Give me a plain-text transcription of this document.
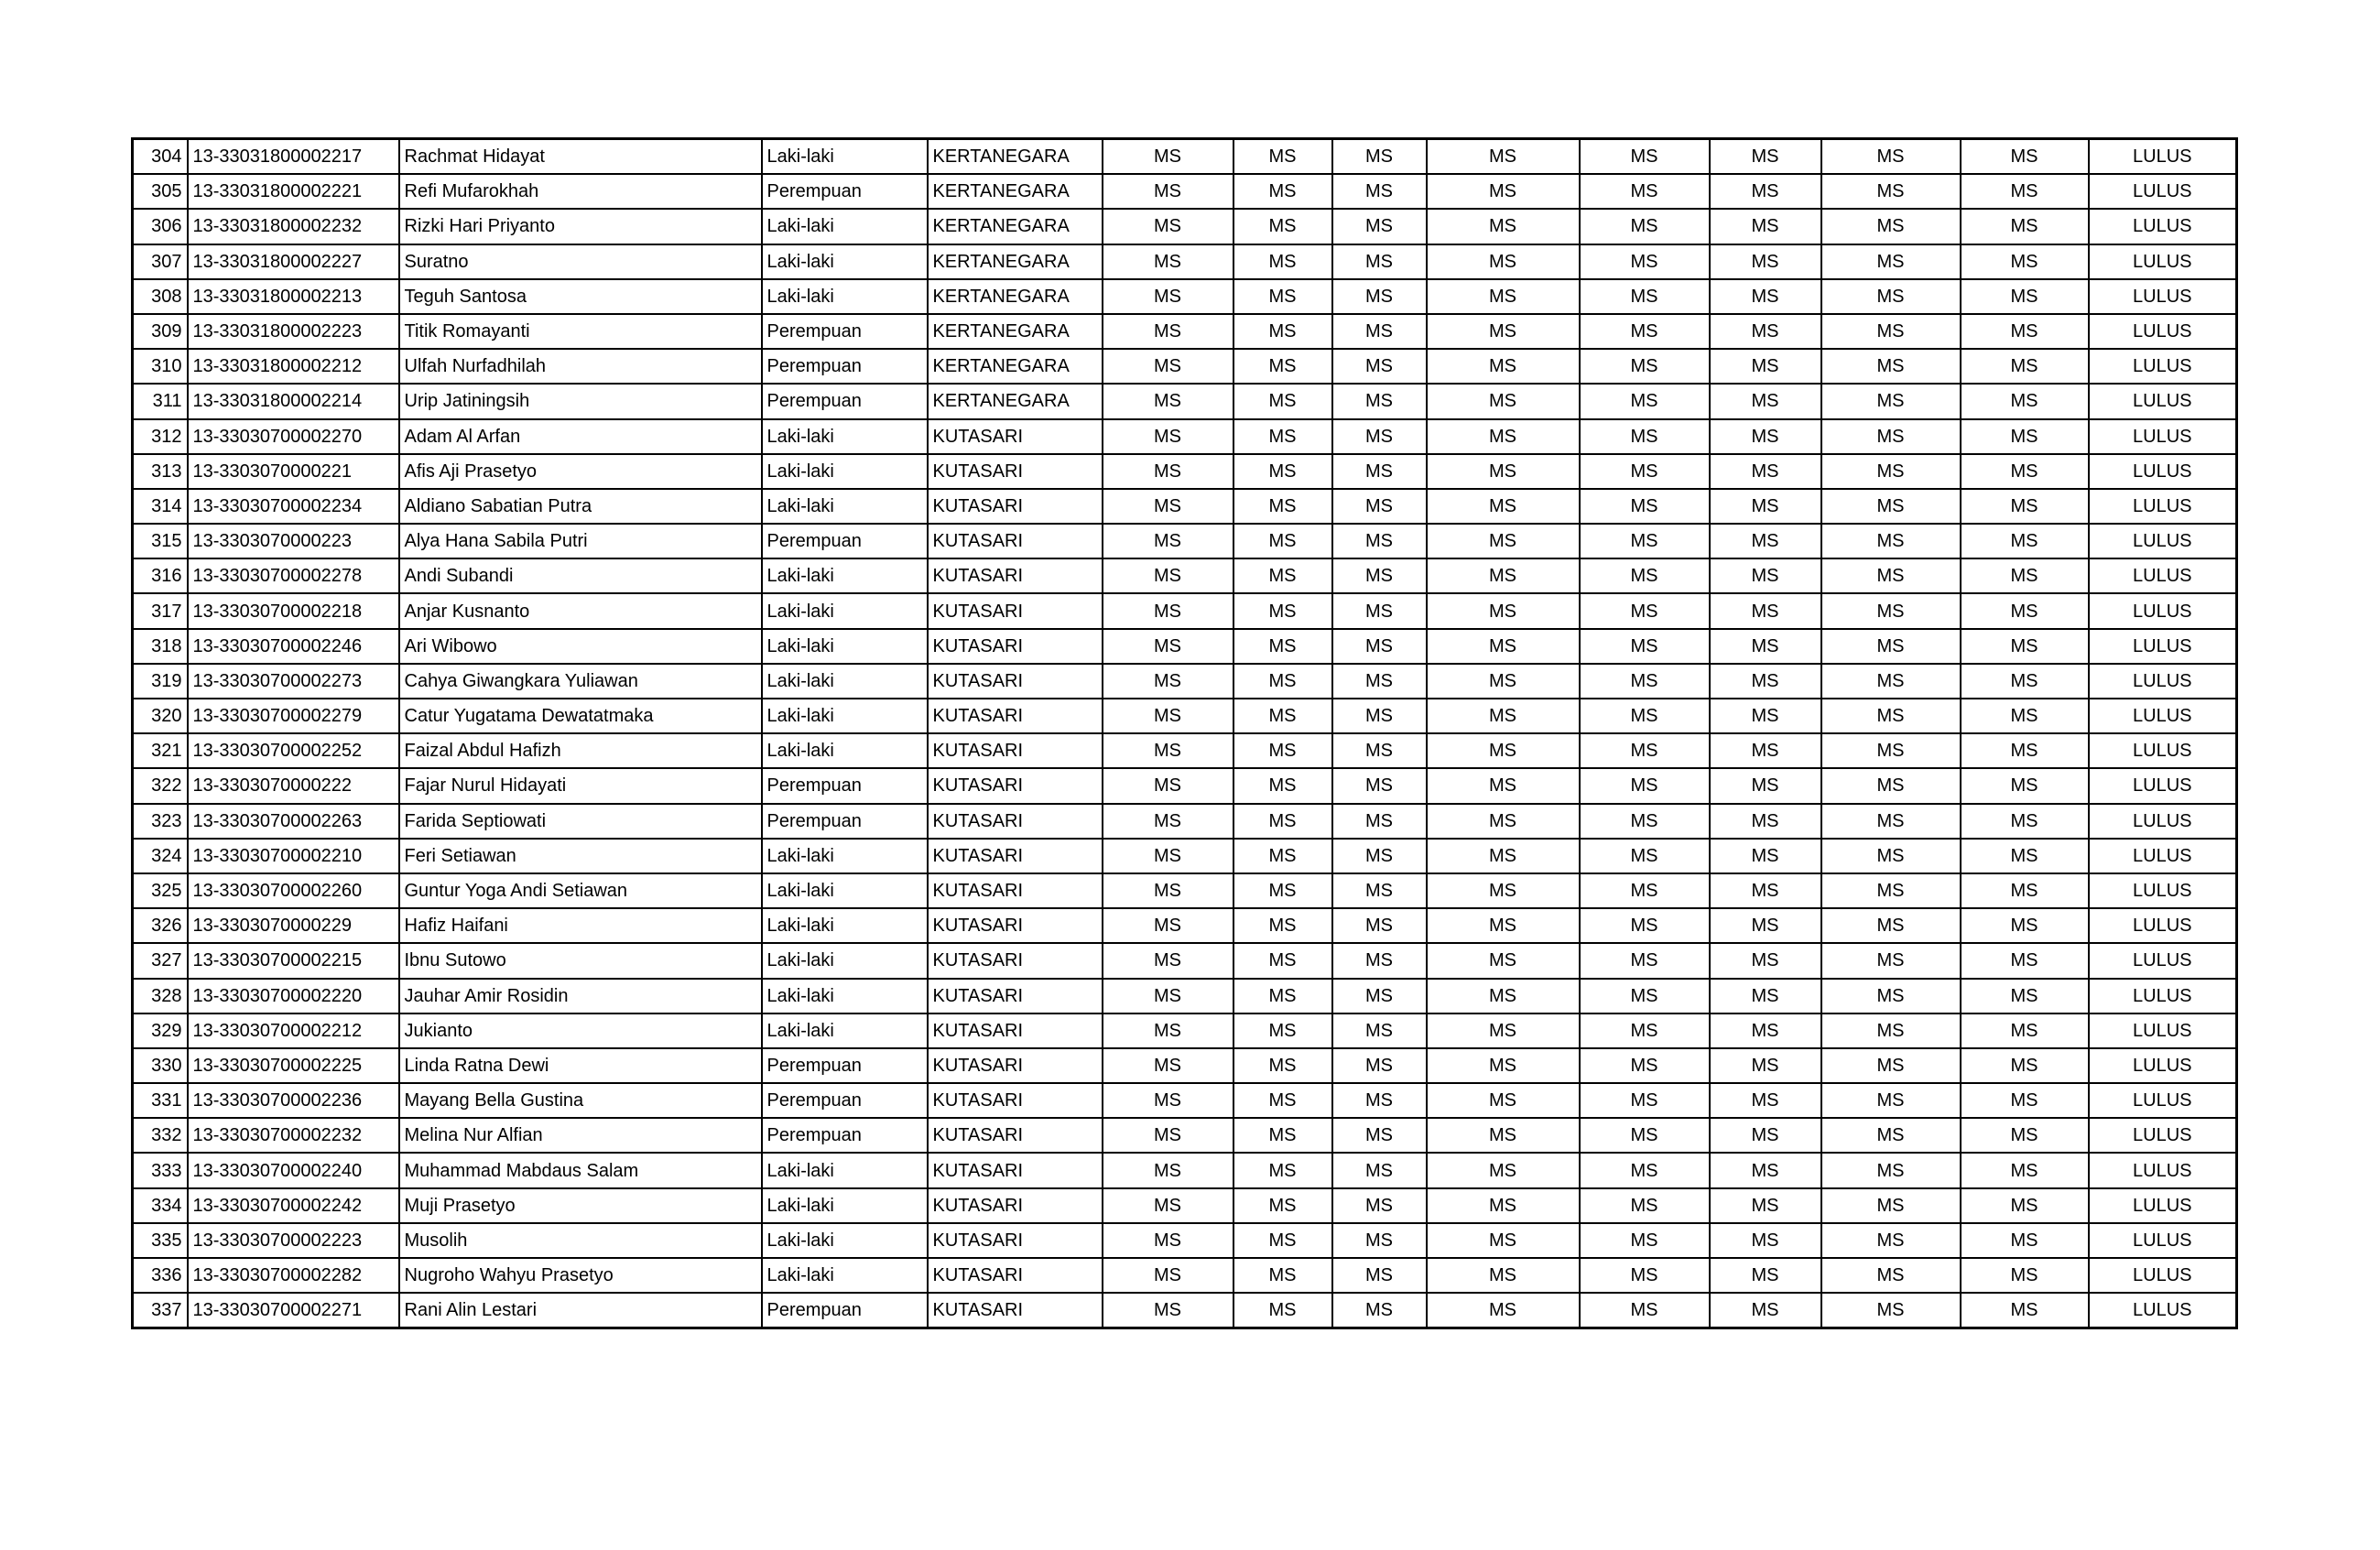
304	13-33031800002217	Rachmat Hidayat	Laki-laki	KERTANEGARA	MS	MS	MS	MS	MS	MS	MS	MS	LULUS
305	13-33031800002221	Refi Mufarokhah	Perempuan	KERTANEGARA	MS	MS	MS	MS	MS	MS	MS	MS	LULUS
306	13-33031800002232	Rizki Hari Priyanto	Laki-laki	KERTANEGARA	MS	MS	MS	MS	MS	MS	MS	MS	LULUS
307	13-33031800002227	Suratno	Laki-laki	KERTANEGARA	MS	MS	MS	MS	MS	MS	MS	MS	LULUS
308	13-33031800002213	Teguh Santosa	Laki-laki	KERTANEGARA	MS	MS	MS	MS	MS	MS	MS	MS	LULUS
309	13-33031800002223	Titik Romayanti	Perempuan	KERTANEGARA	MS	MS	MS	MS	MS	MS	MS	MS	LULUS
310	13-33031800002212	Ulfah Nurfadhilah	Perempuan	KERTANEGARA	MS	MS	MS	MS	MS	MS	MS	MS	LULUS
311	13-33031800002214	Urip Jatiningsih	Perempuan	KERTANEGARA	MS	MS	MS	MS	MS	MS	MS	MS	LULUS
312	13-33030700002270	Adam Al Arfan	Laki-laki	KUTASARI	MS	MS	MS	MS	MS	MS	MS	MS	LULUS
313	13-3303070000221	Afis Aji Prasetyo	Laki-laki	KUTASARI	MS	MS	MS	MS	MS	MS	MS	MS	LULUS
314	13-33030700002234	Aldiano Sabatian Putra	Laki-laki	KUTASARI	MS	MS	MS	MS	MS	MS	MS	MS	LULUS
315	13-3303070000223	Alya Hana Sabila Putri	Perempuan	KUTASARI	MS	MS	MS	MS	MS	MS	MS	MS	LULUS
316	13-33030700002278	Andi Subandi	Laki-laki	KUTASARI	MS	MS	MS	MS	MS	MS	MS	MS	LULUS
317	13-33030700002218	Anjar Kusnanto	Laki-laki	KUTASARI	MS	MS	MS	MS	MS	MS	MS	MS	LULUS
318	13-33030700002246	Ari Wibowo	Laki-laki	KUTASARI	MS	MS	MS	MS	MS	MS	MS	MS	LULUS
319	13-33030700002273	Cahya Giwangkara Yuliawan	Laki-laki	KUTASARI	MS	MS	MS	MS	MS	MS	MS	MS	LULUS
320	13-33030700002279	Catur Yugatama Dewatatmaka	Laki-laki	KUTASARI	MS	MS	MS	MS	MS	MS	MS	MS	LULUS
321	13-33030700002252	Faizal Abdul Hafizh	Laki-laki	KUTASARI	MS	MS	MS	MS	MS	MS	MS	MS	LULUS
322	13-3303070000222	Fajar Nurul Hidayati	Perempuan	KUTASARI	MS	MS	MS	MS	MS	MS	MS	MS	LULUS
323	13-33030700002263	Farida Septiowati	Perempuan	KUTASARI	MS	MS	MS	MS	MS	MS	MS	MS	LULUS
324	13-33030700002210	Feri Setiawan	Laki-laki	KUTASARI	MS	MS	MS	MS	MS	MS	MS	MS	LULUS
325	13-33030700002260	Guntur Yoga Andi Setiawan	Laki-laki	KUTASARI	MS	MS	MS	MS	MS	MS	MS	MS	LULUS
326	13-3303070000229	Hafiz Haifani	Laki-laki	KUTASARI	MS	MS	MS	MS	MS	MS	MS	MS	LULUS
327	13-33030700002215	Ibnu Sutowo	Laki-laki	KUTASARI	MS	MS	MS	MS	MS	MS	MS	MS	LULUS
328	13-33030700002220	Jauhar Amir Rosidin	Laki-laki	KUTASARI	MS	MS	MS	MS	MS	MS	MS	MS	LULUS
329	13-33030700002212	Jukianto	Laki-laki	KUTASARI	MS	MS	MS	MS	MS	MS	MS	MS	LULUS
330	13-33030700002225	Linda Ratna Dewi	Perempuan	KUTASARI	MS	MS	MS	MS	MS	MS	MS	MS	LULUS
331	13-33030700002236	Mayang Bella Gustina	Perempuan	KUTASARI	MS	MS	MS	MS	MS	MS	MS	MS	LULUS
332	13-33030700002232	Melina Nur Alfian	Perempuan	KUTASARI	MS	MS	MS	MS	MS	MS	MS	MS	LULUS
333	13-33030700002240	Muhammad Mabdaus Salam	Laki-laki	KUTASARI	MS	MS	MS	MS	MS	MS	MS	MS	LULUS
334	13-33030700002242	Muji Prasetyo	Laki-laki	KUTASARI	MS	MS	MS	MS	MS	MS	MS	MS	LULUS
335	13-33030700002223	Musolih	Laki-laki	KUTASARI	MS	MS	MS	MS	MS	MS	MS	MS	LULUS
336	13-33030700002282	Nugroho Wahyu Prasetyo	Laki-laki	KUTASARI	MS	MS	MS	MS	MS	MS	MS	MS	LULUS
337	13-33030700002271	Rani Alin Lestari	Perempuan	KUTASARI	MS	MS	MS	MS	MS	MS	MS	MS	LULUS
